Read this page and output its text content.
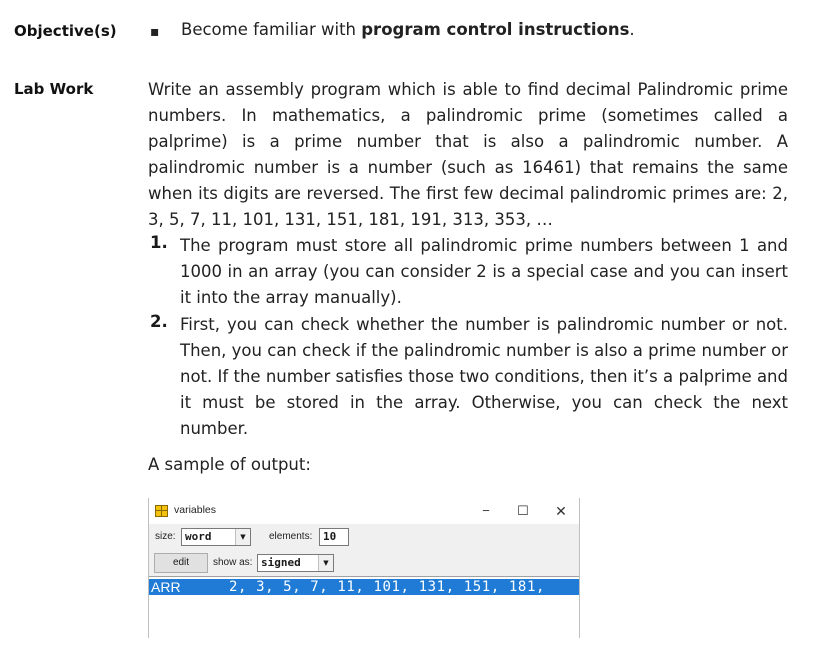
Objective(s) ▪ Become familiar with program control instructions.
Lab Work	Write an assembly program which is able to find decimal Palindromic prime numbers. In mathematics, a palindromic prime (sometimes called a palprime) is a prime number that is also a palindromic number. A palindromic number is a number (such as 16461) that remains the same when its digits are reversed. The first few decimal palindromic primes are: 2, 3, 5, 7, 11, 101, 131, 151, 181, 191, 313, 353, …
1. The program must store all palindromic prime numbers between 1 and 1000 in an array (you can consider 2 is a special case and you can insert it into the array manually).
2. First, you can check whether the number is palindromic number or not. Then, you can check if the palindromic number is also a prime number or not. If the number satisfies those two conditions, then it’s a palprime and it must be stored in the array. Otherwise, you can check the next number.
A sample of output:
variables	−	☐	✕
size: word	▼	elements: 10
edit	show as: signed	▼
ARR	2, 3, 5, 7, 11, 101, 131, 151, 181,
